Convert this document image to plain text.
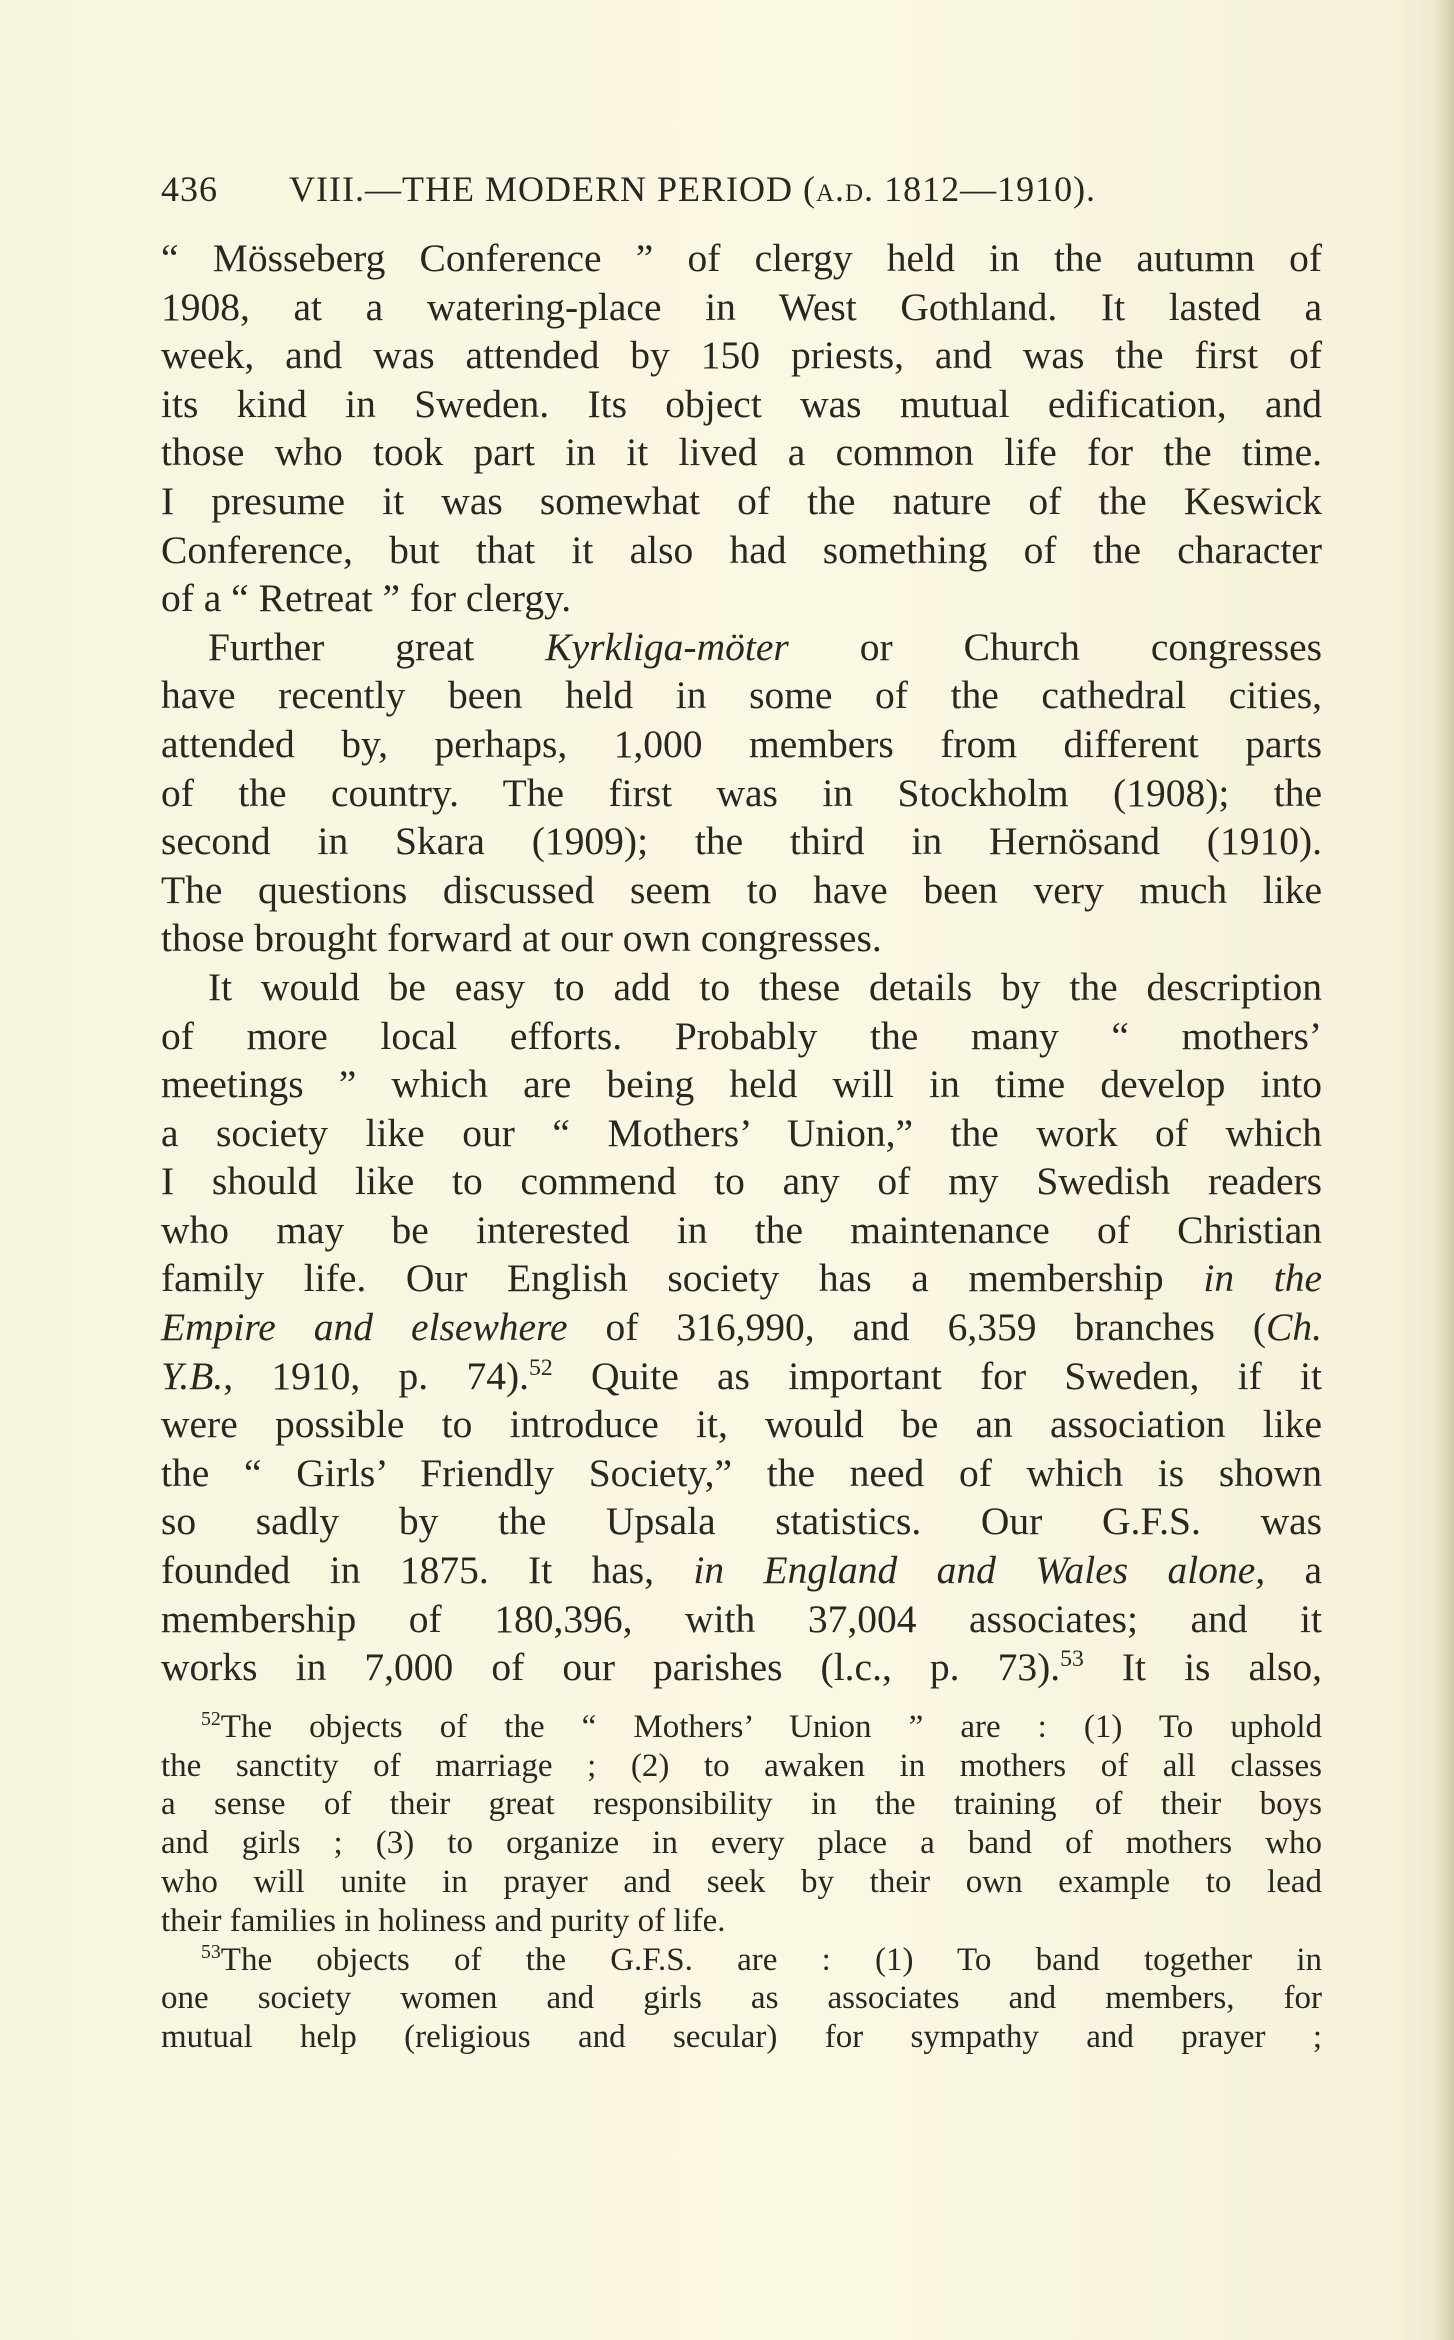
436 VIII.—THE MODERN PERIOD (a.d. 1812—1910).
“ Mösseberg Conference ” of clergy held in the autumn of
1908, at a watering-place in West Gothland. It lasted a
week, and was attended by 150 priests, and was the first of
its kind in Sweden. Its object was mutual edification, and
those who took part in it lived a common life for the time.
I presume it was somewhat of the nature of the Keswick
Conference, but that it also had something of the character
of a “ Retreat ” for clergy.
Further great Kyrkliga-möter or Church congresses
have recently been held in some of the cathedral cities,
attended by, perhaps, 1,000 members from different parts
of the country. The first was in Stockholm (1908); the
second in Skara (1909); the third in Hernösand (1910).
The questions discussed seem to have been very much like
those brought forward at our own congresses.
It would be easy to add to these details by the description
of more local efforts. Probably the many “ mothers’
meetings ” which are being held will in time develop into
a society like our “ Mothers’ Union,” the work of which
I should like to commend to any of my Swedish readers
who may be interested in the maintenance of Christian
family life. Our English society has a membership in the
Empire and elsewhere of 316,990, and 6,359 branches (Ch.
Y.B., 1910, p. 74).$^{52}$ Quite as important for Sweden, if it
were possible to introduce it, would be an association like
the “ Girls’ Friendly Society,” the need of which is shown
so sadly by the Upsala statistics. Our G.F.S. was
founded in 1875. It has, in England and Wales alone, a
membership of 180,396, with 37,004 associates; and it
works in 7,000 of our parishes (l.c., p. 73).$^{53}$ It is also,
$^{52}$The objects of the “ Mothers’ Union ” are : (1) To uphold
the sanctity of marriage ; (2) to awaken in mothers of all classes
a sense of their great responsibility in the training of their boys
and girls ; (3) to organize in every place a band of mothers who
who will unite in prayer and seek by their own example to lead
their families in holiness and purity of life.
$^{53}$The objects of the G.F.S. are : (1) To band together in
one society women and girls as associates and members, for
mutual help (religious and secular) for sympathy and prayer ;
